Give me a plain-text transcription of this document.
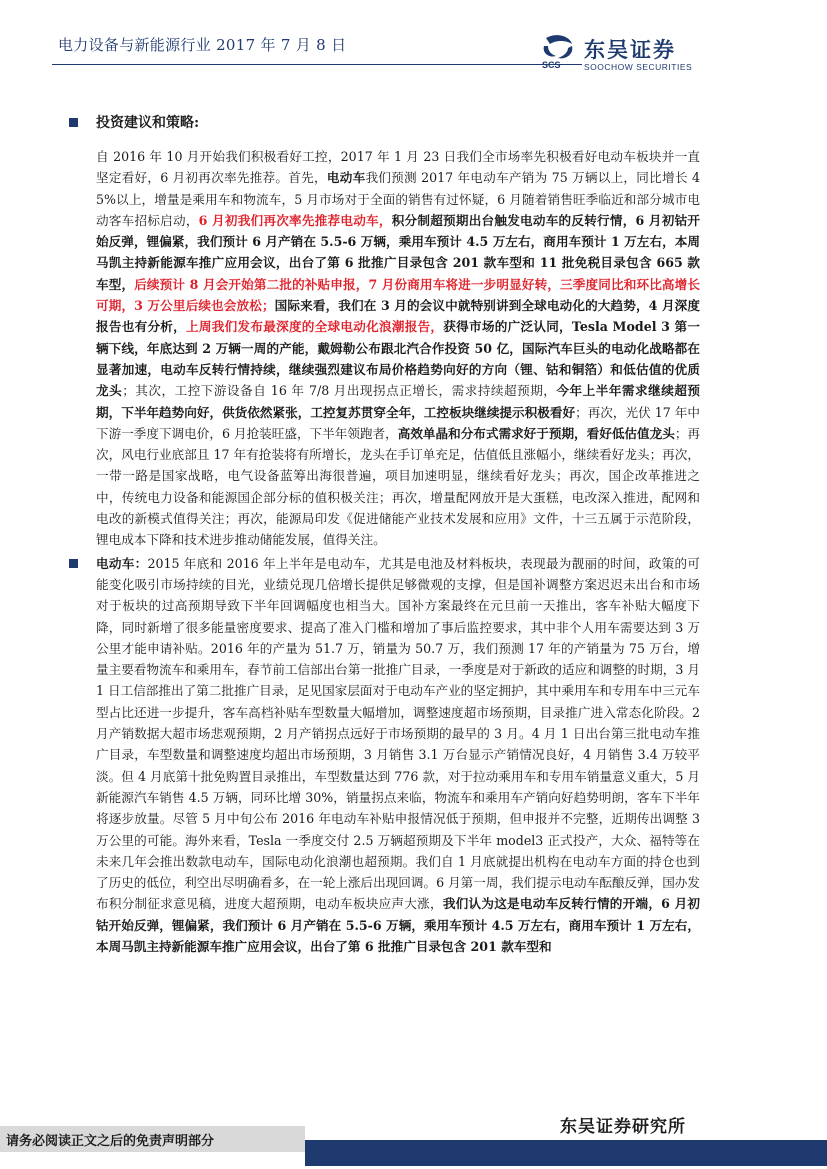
电力设备与新能源行业 2017 年 7 月 8 日
SCS
东吴证券
SOOCHOW SECURITIES
投资建议和策略:

自 2016 年 10 月开始我们积极看好工控，2017 年 1 月 23 日我们全市场率先积极看好电动车板块并一直坚定看好，6 月初再次率先推荐。首先，电动车我们预测 2017 年电动车产销为 75 万辆以上，同比增长 45%以上，增量是乘用车和物流车，5 月市场对于全面的销售有过怀疑，6 月随着销售旺季临近和部分城市电动客车招标启动，6 月初我们再次率先推荐电动车，积分制超预期出台触发电动车的反转行情，6 月初钴开始反弹，锂偏紧，我们预计 6 月产销在 5.5-6 万辆，乘用车预计 4.5 万左右，商用车预计 1 万左右，本周马凯主持新能源车推广应用会议，出台了第 6 批推广目录包含 201 款车型和 11 批免税目录包含 665 款车型，后续预计 8 月会开始第二批的补贴申报，7 月份商用车将进一步明显好转，三季度同比和环比高增长可期，3 万公里后续也会放松；国际来看，我们在 3 月的会议中就特别讲到全球电动化的大趋势，4 月深度报告也有分析，上周我们发布最深度的全球电动化浪潮报告，获得市场的广泛认同，Tesla Model 3 第一辆下线，年底达到 2 万辆一周的产能，戴姆勒公布跟北汽合作投资 50 亿，国际汽车巨头的电动化战略都在显著加速，电动车反转行情持续，继续强烈建议布局价格趋势向好的方向（锂、钴和铜箔）和低估值的优质龙头；其次，工控下游设备自 16 年 7/8 月出现拐点正增长，需求持续超预期，今年上半年需求继续超预期，下半年趋势向好，供货依然紧张，工控复苏贯穿全年，工控板块继续提示积极看好；再次，光伏 17 年中下游一季度下调电价，6 月抢装旺盛，下半年领跑者，高效单晶和分布式需求好于预期，看好低估值龙头；再次，风电行业底部且 17 年有抢装将有所增长，龙头在手订单充足，估值低且涨幅小，继续看好龙头；再次，一带一路是国家战略，电气设备蓝筹出海很普遍，项目加速明显，继续看好龙头；再次，国企改革推进之中，传统电力设备和能源国企部分标的值积极关注；再次，增量配网放开是大蛋糕，电改深入推进，配网和电改的新模式值得关注；再次，能源局印发《促进储能产业技术发展和应用》文件，十三五属于示范阶段，锂电成本下降和技术进步推动储能发展，值得关注。

电动车：2015 年底和 2016 年上半年是电动车，尤其是电池及材料板块，表现最为靓丽的时间，政策的可能变化吸引市场持续的目光，业绩兑现几倍增长提供足够微观的支撑，但是国补调整方案迟迟未出台和市场对于板块的过高预期导致下半年回调幅度也相当大。国补方案最终在元旦前一天推出，客车补贴大幅度下降，同时新增了很多能量密度要求、提高了准入门槛和增加了事后监控要求，其中非个人用车需要达到 3 万公里才能申请补贴。2016 年的产量为 51.7 万，销量为 50.7 万，我们预测 17 年的产销量为 75 万台，增量主要看物流车和乘用车，春节前工信部出台第一批推广目录，一季度是对于新政的适应和调整的时期，3 月 1 日工信部推出了第二批推广目录，足见国家层面对于电动车产业的坚定拥护，其中乘用车和专用车中三元车型占比还进一步提升，客车高档补贴车型数量大幅增加，调整速度超市场预期，目录推广进入常态化阶段。2 月产销数据大超市场悲观预期，2 月产销拐点远好于市场预期的最早的 3 月。4 月 1 日出台第三批电动车推广目录，车型数量和调整速度均超出市场预期，3 月销售 3.1 万台显示产销情况良好，4 月销售 3.4 万较平淡。但 4 月底第十批免购置目录推出，车型数量达到 776 款，对于拉动乘用车和专用车销量意义重大，5 月新能源汽车销售 4.5 万辆，同环比增 30%，销量拐点来临，物流车和乘用车产销向好趋势明朗，客车下半年将逐步放量。尽管 5 月中旬公布 2016 年电动车补贴申报情况低于预期，但申报并不完整，近期传出调整 3 万公里的可能。海外来看，Tesla 一季度交付 2.5 万辆超预期及下半年 model3 正式投产，大众、福特等在未来几年会推出数款电动车，国际电动化浪潮也超预期。我们自 1 月底就提出机构在电动车方面的持仓也到了历史的低位，利空出尽明确看多，在一轮上涨后出现回调。6 月第一周，我们提示电动车酝酿反弹，国办发布积分制征求意见稿，进度大超预期，电动车板块应声大涨，我们认为这是电动车反转行情的开端，6 月初钴开始反弹，锂偏紧，我们预计 6 月产销在 5.5-6 万辆，乘用车预计 4.5 万左右，商用车预计 1 万左右，本周马凯主持新能源车推广应用会议，出台了第 6 批推广目录包含 201 款车型和

请务必阅读正文之后的免责声明部分
东吴证券研究所
